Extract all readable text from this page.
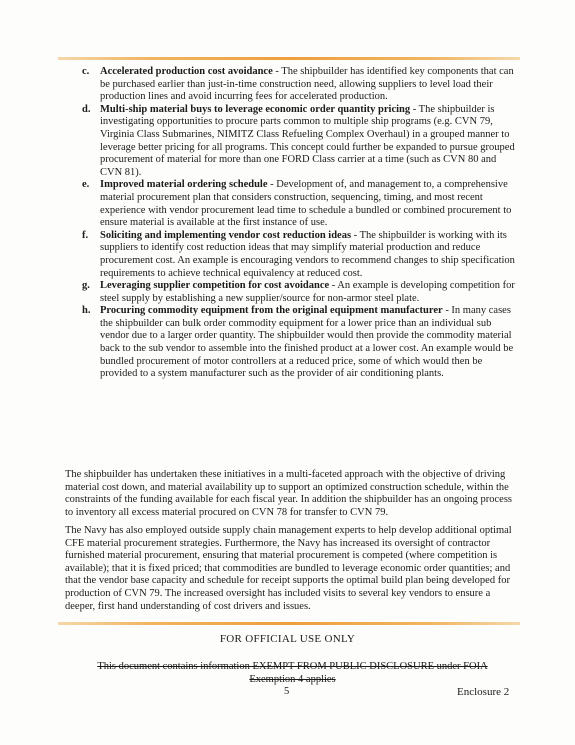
c. Accelerated production cost avoidance - The shipbuilder has identified key components that can be purchased earlier than just-in-time construction need, allowing suppliers to level load their production lines and avoid incurring fees for accelerated production.
d. Multi-ship material buys to leverage economic order quantity pricing - The shipbuilder is investigating opportunities to procure parts common to multiple ship programs (e.g. CVN 79, Virginia Class Submarines, NIMITZ Class Refueling Complex Overhaul) in a grouped manner to leverage better pricing for all programs. This concept could further be expanded to pursue grouped procurement of material for more than one FORD Class carrier at a time (such as CVN 80 and CVN 81).
e. Improved material ordering schedule - Development of, and management to, a comprehensive material procurement plan that considers construction, sequencing, timing, and most recent experience with vendor procurement lead time to schedule a bundled or combined procurement to ensure material is available at the first instance of use.
f. Soliciting and implementing vendor cost reduction ideas - The shipbuilder is working with its suppliers to identify cost reduction ideas that may simplify material production and reduce procurement cost. An example is encouraging vendors to recommend changes to ship specification requirements to achieve technical equivalency at reduced cost.
g. Leveraging supplier competition for cost avoidance - An example is developing competition for steel supply by establishing a new supplier/source for non-armor steel plate.
h. Procuring commodity equipment from the original equipment manufacturer - In many cases the shipbuilder can bulk order commodity equipment for a lower price than an individual sub vendor due to a larger order quantity. The shipbuilder would then provide the commodity material back to the sub vendor to assemble into the finished product at a lower cost. An example would be bundled procurement of motor controllers at a reduced price, some of which would then be provided to a system manufacturer such as the provider of air conditioning plants.

The shipbuilder has undertaken these initiatives in a multi-faceted approach with the objective of driving material cost down, and material availability up to support an optimized construction schedule, within the constraints of the funding available for each fiscal year. In addition the shipbuilder has an ongoing process to inventory all excess material procured on CVN 78 for transfer to CVN 79.

The Navy has also employed outside supply chain management experts to help develop additional optimal CFE material procurement strategies. Furthermore, the Navy has increased its oversight of contractor furnished material procurement, ensuring that material procurement is competed (where competition is available); that it is fixed priced; that commodities are bundled to leverage economic order quantities; and that the vendor base capacity and schedule for receipt supports the optimal build plan being developed for production of CVN 79. The increased oversight has included visits to several key vendors to ensure a deeper, first hand understanding of cost drivers and issues.

FOR OFFICIAL USE ONLY
This document contains information EXEMPT FROM PUBLIC DISCLOSURE under FOIA
Exemption 4 applies
5	Enclosure 2
